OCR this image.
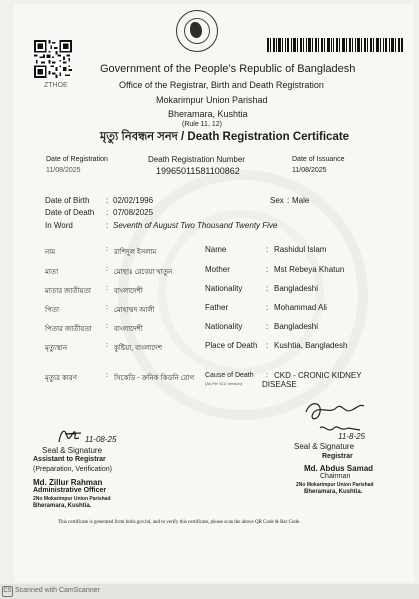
ZTHOE
Government of the People’s Republic of Bangladesh
Office of the Registrar, Birth and Death Registration
Mokarimpur Union Parishad
Bheramara, Kushtia
(Rule 11, 12)
মৃত্যু নিবন্ধন সনদ / Death Registration Certificate
Date of Registration
11/08/2025
Death Registration Number
19965011581100862
Date of Issuance
11/08/2025
Date of Birth : 02/02/1996	Sex : Male
Date of Death : 07/08/2025
In Word	: Seventh of August Two Thousand Twenty Five
নাম	: রাশিদুল ইসলাম	Name	: Rashidul Islam
মাতা	: মোছাঃ রেবেয়া খাতুন	Mother	: Mst Rebeya Khatun
মাতার জাতীয়তা : বাংলাদেশী	Nationality	: Bangladeshi
পিতা	: মোহাম্মদ আলী	Father	: Mohammad Ali
পিতার জাতীয়তা : বাংলাদেশী	Nationality	: Bangladeshi
মৃত্যুস্থান	: কুষ্টিয়া, বাংলাদেশ	Place of Death : Kushtia, Bangladesh
মৃত্যুর কারণ	: সিকেডি - ক্রনিক কিডনি রোগ Cause of Death
(As Per ICD Version)
: CKD - CRONIC KIDNEY
DISEASE
11-08-25
Seal & Signature
Assistant to Registrar
(Preparation, Verification)
Md. Zillur Rahman
Administrative Officer
2No Mokarimpur Union Parishad
Bheramara, Kushtia.
Seal & Signature
11-8-25
Registrar
Md. Abdus Samad
Chairman
2No Mokarimpur Union Parishad
Bheramara, Kushtia.
This certificate is generated from bdris.gov.bd, and to verify this certificate, please scan the above QR Code & Bar Code.
CS Scanned with CamScanner
